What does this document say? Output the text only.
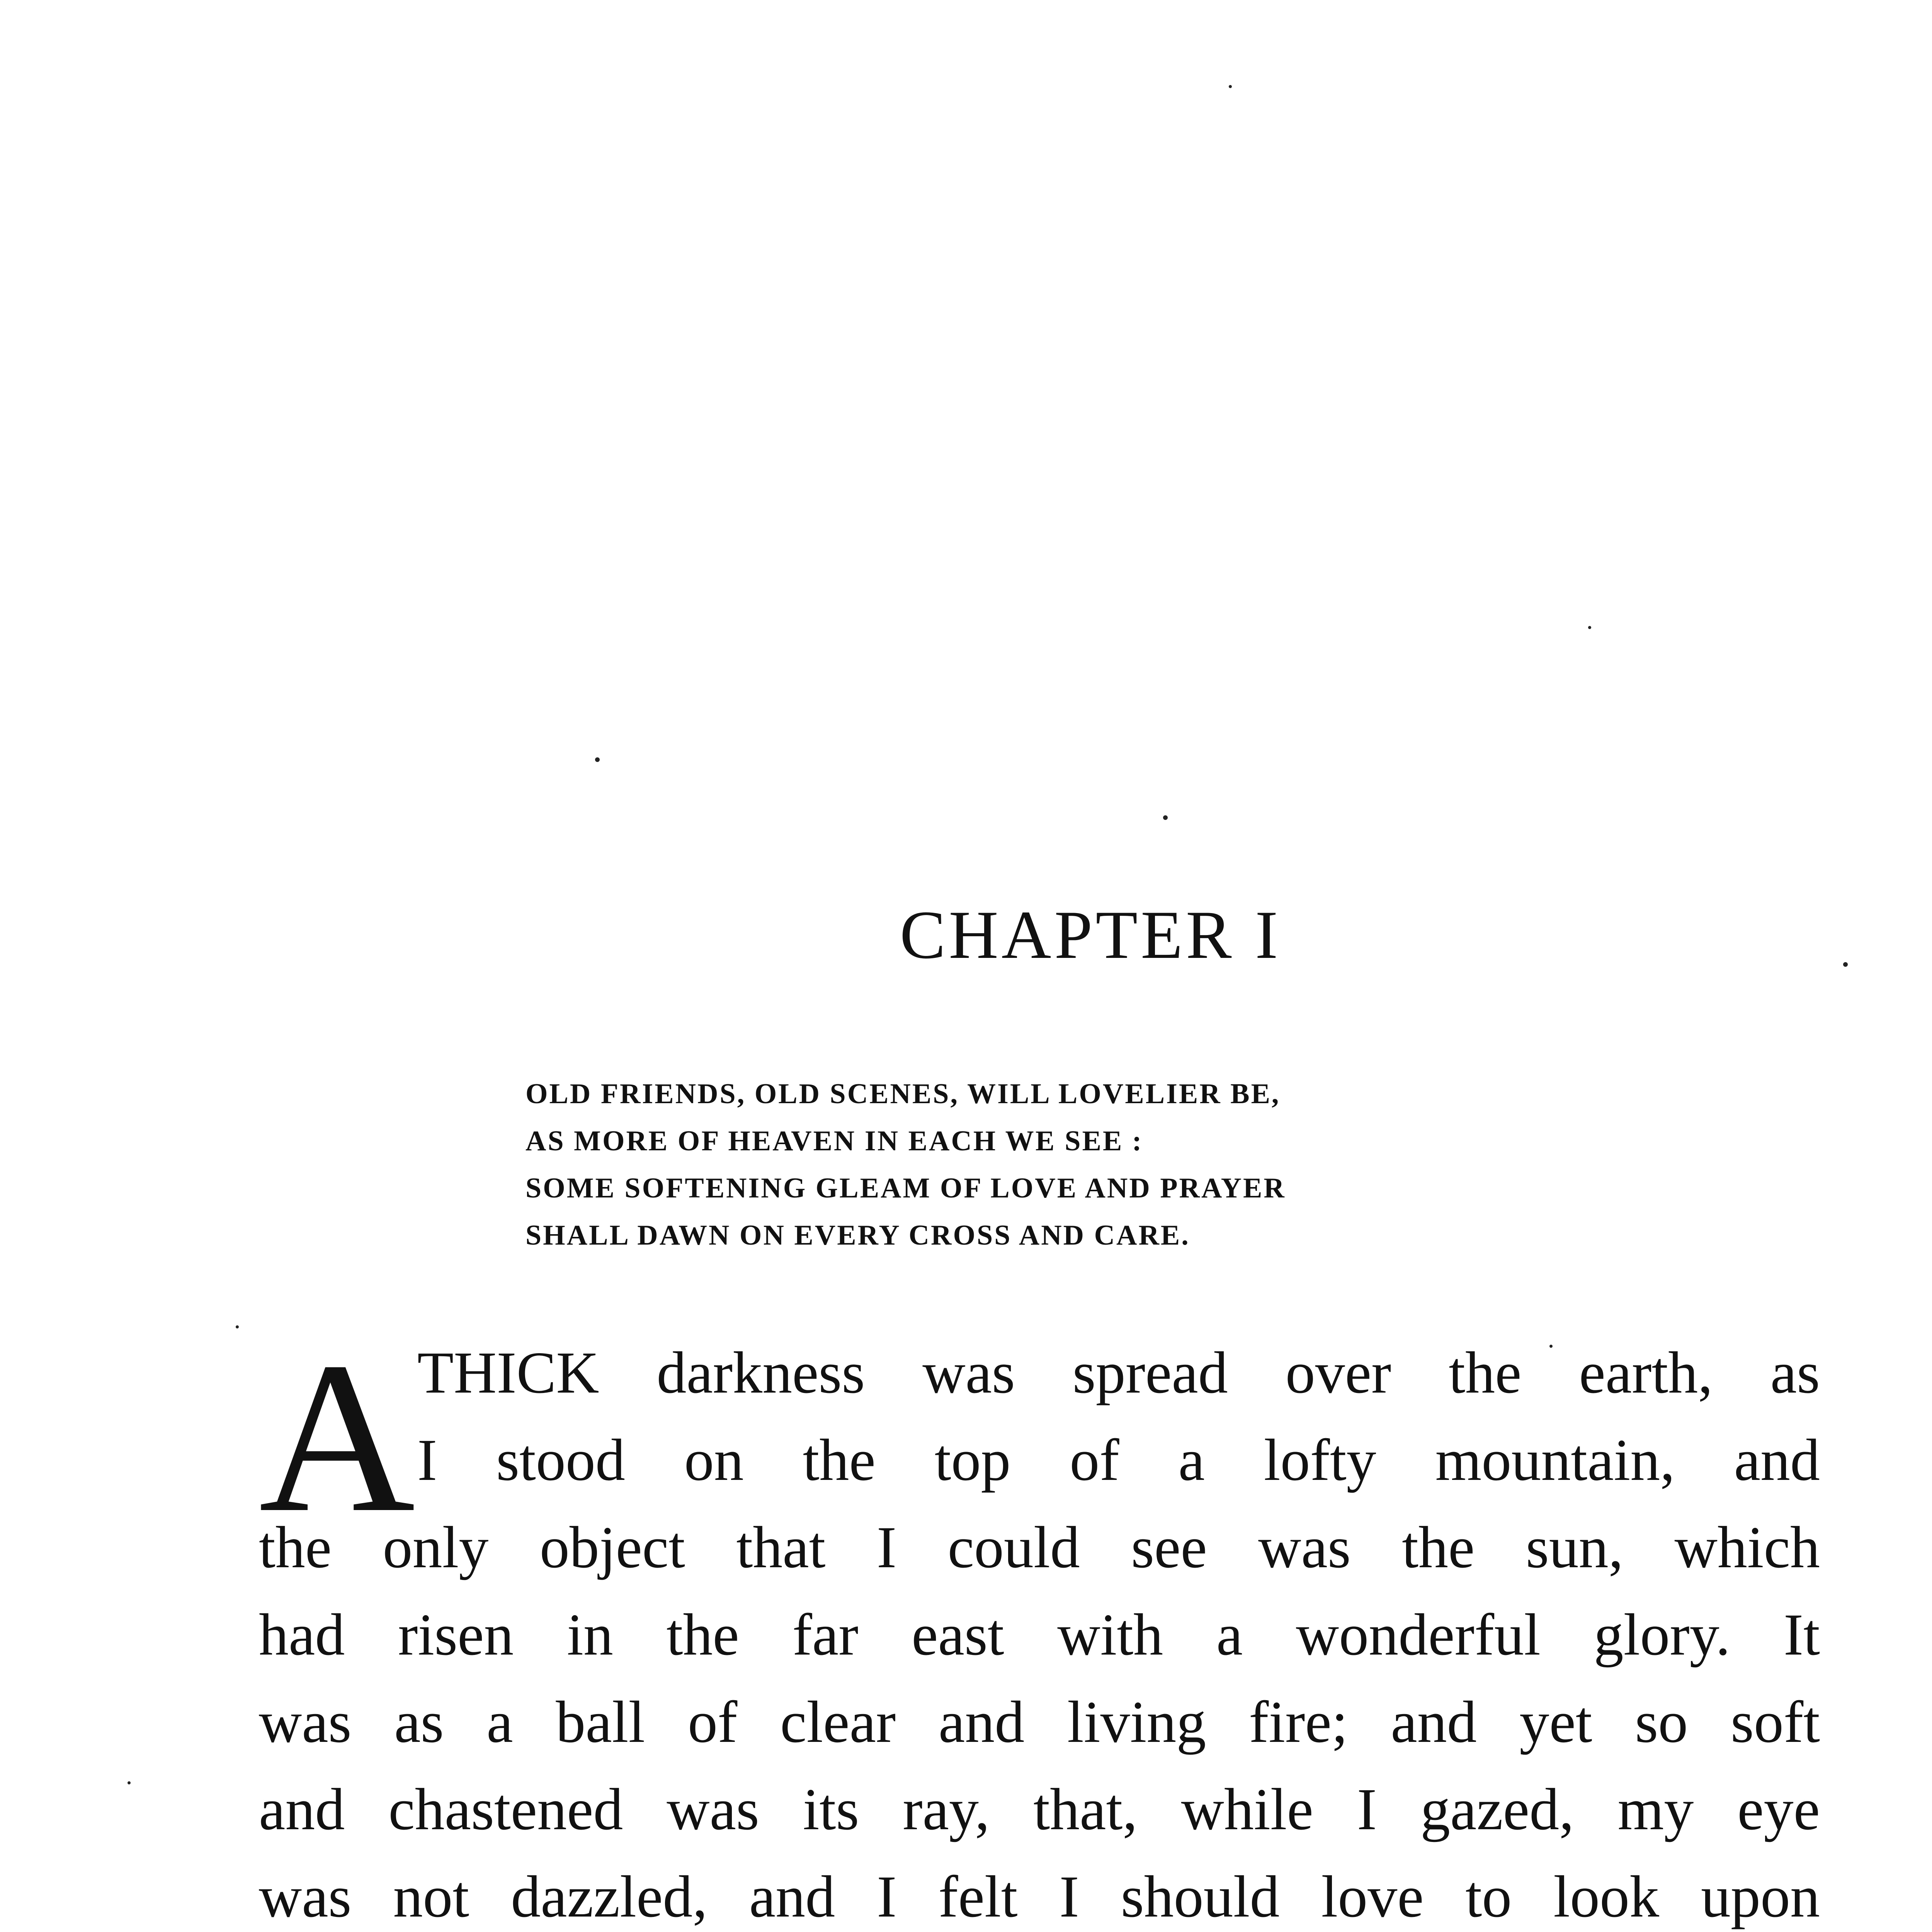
CHAPTER I
OLD FRIENDS, OLD SCENES, WILL LOVELIER BE,
AS MORE OF HEAVEN IN EACH WE SEE :
SOME SOFTENING GLEAM OF LOVE AND PRAYER
SHALL DAWN ON EVERY CROSS AND CARE.
A THICK darkness was spread over the earth, as
I stood on the top of a lofty mountain, and
the only object that I could see was the sun, which
had risen in the far east with a wonderful glory. It
was as a ball of clear and living fire; and yet so soft
and chastened was its ray, that, while I gazed, my eye
was not dazzled, and I felt I should love to look upon
